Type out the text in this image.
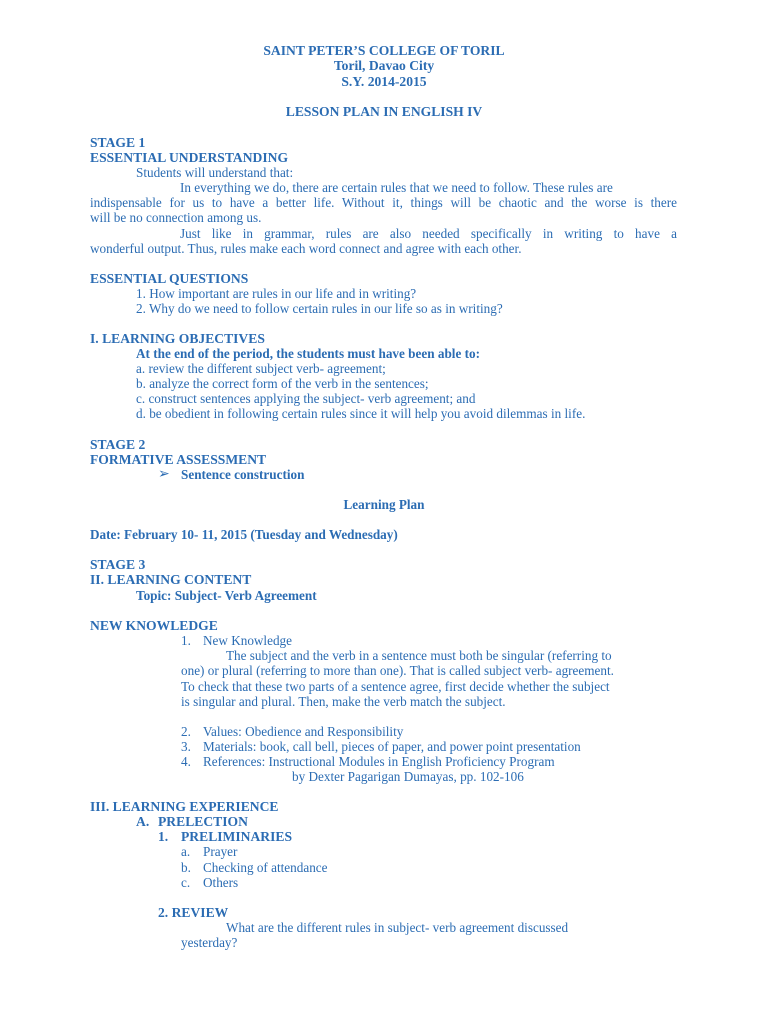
SAINT PETER’S COLLEGE OF TORIL
Toril, Davao City
S.Y. 2014-2015
LESSON PLAN IN ENGLISH IV
STAGE 1
ESSENTIAL UNDERSTANDING
Students will understand that:
In everything we do, there are certain rules that we need to follow. These rules are
indispensable for us to have a better life. Without it, things will be chaotic and the worse is there
will be no connection among us.
Just like in grammar, rules are also needed specifically in writing to have a
wonderful output. Thus, rules make each word connect and agree with each other.
ESSENTIAL QUESTIONS
1. How important are rules in our life and in writing?
2. Why do we need to follow certain rules in our life so as in writing?
I. LEARNING OBJECTIVES
At the end of the period, the students must have been able to:
a. review the different subject verb- agreement;
b. analyze the correct form of the verb in the sentences;
c. construct sentences applying the subject- verb agreement; and
d. be obedient in following certain rules since it will help you avoid dilemmas in life.
STAGE 2
FORMATIVE ASSESSMENT
➢ Sentence construction
Learning Plan
Date: February 10- 11, 2015 (Tuesday and Wednesday)
STAGE 3
II. LEARNING CONTENT
Topic: Subject- Verb Agreement
NEW KNOWLEDGE
1. New Knowledge
The subject and the verb in a sentence must both be singular (referring to
one) or plural (referring to more than one). That is called subject verb- agreement.
To check that these two parts of a sentence agree, first decide whether the subject
is singular and plural. Then, make the verb match the subject.
2. Values: Obedience and Responsibility
3. Materials: book, call bell, pieces of paper, and power point presentation
4. References: Instructional Modules in English Proficiency Program
by Dexter Pagarigan Dumayas, pp. 102-106
III. LEARNING EXPERIENCE
A. PRELECTION
1. PRELIMINARIES
a. Prayer
b. Checking of attendance
c. Others
2. REVIEW
What are the different rules in subject- verb agreement discussed
yesterday?
